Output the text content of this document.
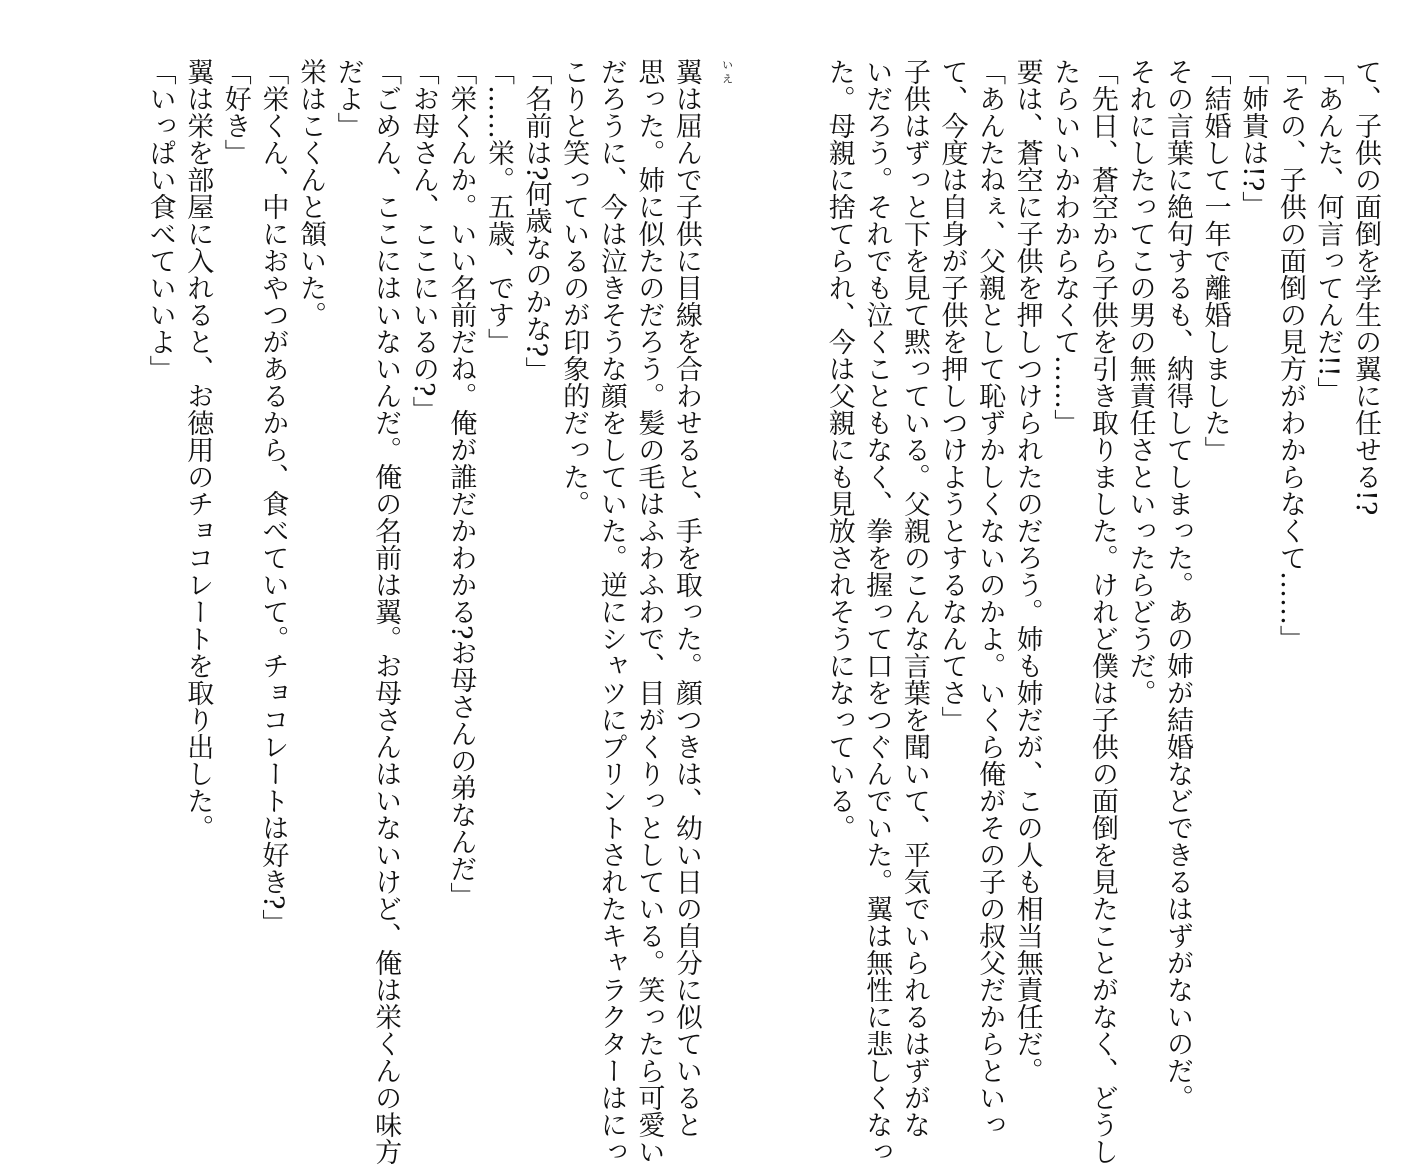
て、子供の面倒を学生の翼に任せる!?
「あんた、何言ってんだ!!」
「その、子供の面倒の見方がわからなくて……」
「姉貴は!?」
「結婚して一年で離婚しました」
その言葉に絶句するも、納得してしまった。あの姉が結婚などできるはずがないのだ。
それにしたってこの男の無責任さといったらどうだ。
「先日、蒼空から子供を引き取りました。けれど僕は子供の面倒を見たことがなく、どうし
たらいいかわからなくて……」
要は、蒼空に子供を押しつけられたのだろう。姉も姉だが、この人も相当無責任だ。
「あんたねぇ、父親として恥ずかしくないのかよ。いくら俺がその子の叔父だからといっ
て、今度は自身が子供を押しつけようとするなんてさ」
子供はずっと下を見て黙っている。父親のこんな言葉を聞いて、平気でいられるはずがな
いだろう。それでも泣くこともなく、拳を握って口をつぐんでいた。翼は無性に悲しくなっ
た。母親に捨てられ、今は父親にも見放されそうになっている。
ぃぇ
翼は屈んで子供に目線を合わせると、手を取った。顔つきは、幼い日の自分に似ていると
思った。姉に似たのだろう。髪の毛はふわふわで、目がくりっとしている。笑ったら可愛い
だろうに、今は泣きそうな顔をしていた。逆にシャツにプリントされたキャラクターはにっ
こりと笑っているのが印象的だった。
「名前は?何歳なのかな?」
「……栄。五歳、です」
「栄くんか。いい名前だね。俺が誰だかわかる?お母さんの弟なんだ」
「お母さん、ここにいるの?」
「ごめん、ここにはいないんだ。俺の名前は翼。お母さんはいないけど、俺は栄くんの味方
だよ」
栄はこくんと頷いた。
「栄くん、中におやつがあるから、食べていて。チョコレートは好き?」
「好き」
翼は栄を部屋に入れると、お徳用のチョコレートを取り出した。
「いっぱい食べていいよ」
